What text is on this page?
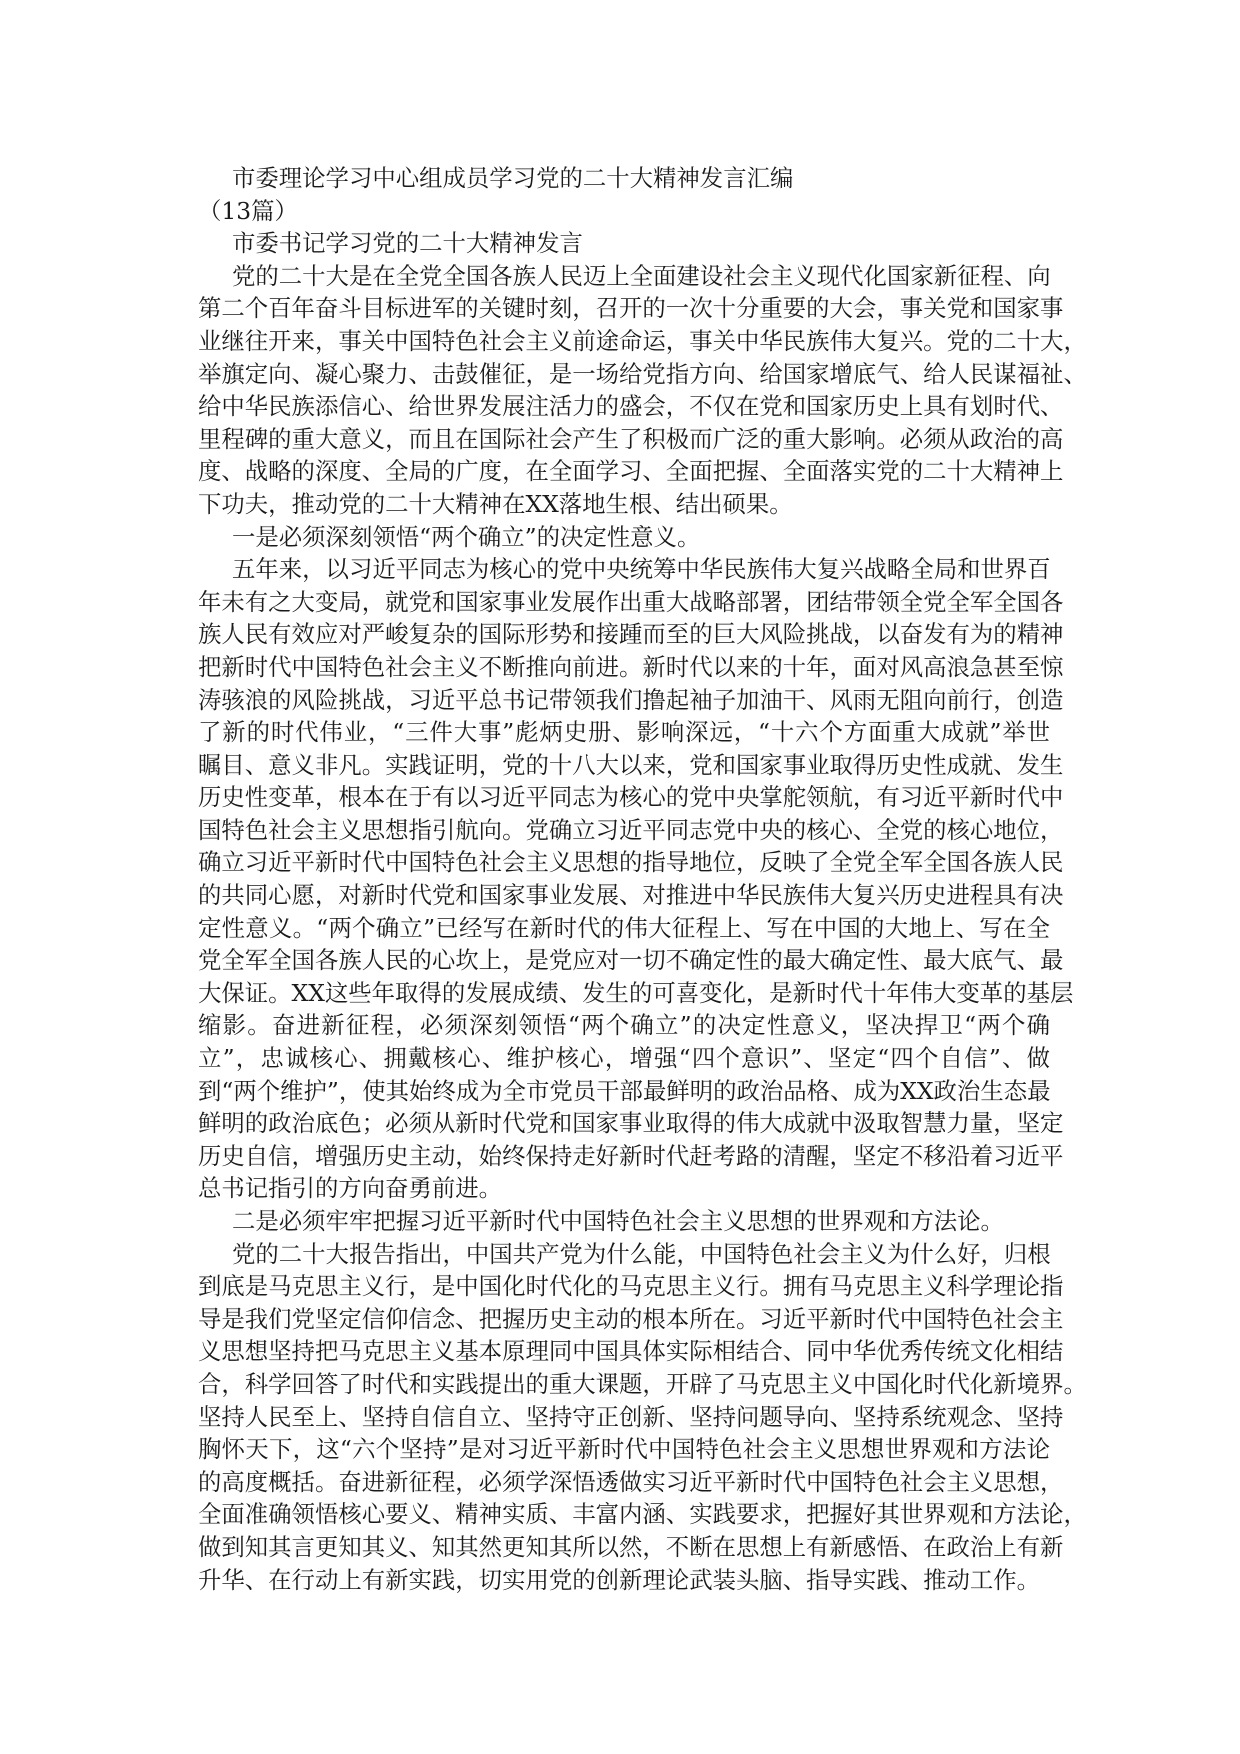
市委理论学习中心组成员学习党的二十大精神发言汇编
（13篇）
市委书记学习党的二十大精神发言
党的二十大是在全党全国各族人民迈上全面建设社会主义现代化国家新征程、向
第二个百年奋斗目标进军的关键时刻，召开的一次十分重要的大会，事关党和国家事
业继往开来，事关中国特色社会主义前途命运，事关中华民族伟大复兴。党的二十大，
举旗定向、凝心聚力、击鼓催征，是一场给党指方向、给国家增底气、给人民谋福祉、
给中华民族添信心、给世界发展注活力的盛会，不仅在党和国家历史上具有划时代、
里程碑的重大意义，而且在国际社会产生了积极而广泛的重大影响。必须从政治的高
度、战略的深度、全局的广度，在全面学习、全面把握、全面落实党的二十大精神上
下功夫，推动党的二十大精神在XX落地生根、结出硕果。
一是必须深刻领悟“两个确立”的决定性意义。
五年来，以习近平同志为核心的党中央统筹中华民族伟大复兴战略全局和世界百
年未有之大变局，就党和国家事业发展作出重大战略部署，团结带领全党全军全国各
族人民有效应对严峻复杂的国际形势和接踵而至的巨大风险挑战，以奋发有为的精神
把新时代中国特色社会主义不断推向前进。新时代以来的十年，面对风高浪急甚至惊
涛骇浪的风险挑战，习近平总书记带领我们撸起袖子加油干、风雨无阻向前行，创造
了新的时代伟业，“三件大事”彪炳史册、影响深远，“十六个方面重大成就”举世
瞩目、意义非凡。实践证明，党的十八大以来，党和国家事业取得历史性成就、发生
历史性变革，根本在于有以习近平同志为核心的党中央掌舵领航，有习近平新时代中
国特色社会主义思想指引航向。党确立习近平同志党中央的核心、全党的核心地位，
确立习近平新时代中国特色社会主义思想的指导地位，反映了全党全军全国各族人民
的共同心愿，对新时代党和国家事业发展、对推进中华民族伟大复兴历史进程具有决
定性意义。“两个确立”已经写在新时代的伟大征程上、写在中国的大地上、写在全
党全军全国各族人民的心坎上，是党应对一切不确定性的最大确定性、最大底气、最
大保证。XX这些年取得的发展成绩、发生的可喜变化，是新时代十年伟大变革的基层
缩影。奋进新征程，必须深刻领悟“两个确立”的决定性意义，坚决捍卫“两个确
立”，忠诚核心、拥戴核心、维护核心，增强“四个意识”、坚定“四个自信”、做
到“两个维护”，使其始终成为全市党员干部最鲜明的政治品格、成为XX政治生态最
鲜明的政治底色；必须从新时代党和国家事业取得的伟大成就中汲取智慧力量，坚定
历史自信，增强历史主动，始终保持走好新时代赶考路的清醒，坚定不移沿着习近平
总书记指引的方向奋勇前进。
二是必须牢牢把握习近平新时代中国特色社会主义思想的世界观和方法论。
党的二十大报告指出，中国共产党为什么能，中国特色社会主义为什么好，归根
到底是马克思主义行，是中国化时代化的马克思主义行。拥有马克思主义科学理论指
导是我们党坚定信仰信念、把握历史主动的根本所在。习近平新时代中国特色社会主
义思想坚持把马克思主义基本原理同中国具体实际相结合、同中华优秀传统文化相结
合，科学回答了时代和实践提出的重大课题，开辟了马克思主义中国化时代化新境界。
坚持人民至上、坚持自信自立、坚持守正创新、坚持问题导向、坚持系统观念、坚持
胸怀天下，这“六个坚持”是对习近平新时代中国特色社会主义思想世界观和方法论
的高度概括。奋进新征程，必须学深悟透做实习近平新时代中国特色社会主义思想，
全面准确领悟核心要义、精神实质、丰富内涵、实践要求，把握好其世界观和方法论，
做到知其言更知其义、知其然更知其所以然，不断在思想上有新感悟、在政治上有新
升华、在行动上有新实践，切实用党的创新理论武装头脑、指导实践、推动工作。
